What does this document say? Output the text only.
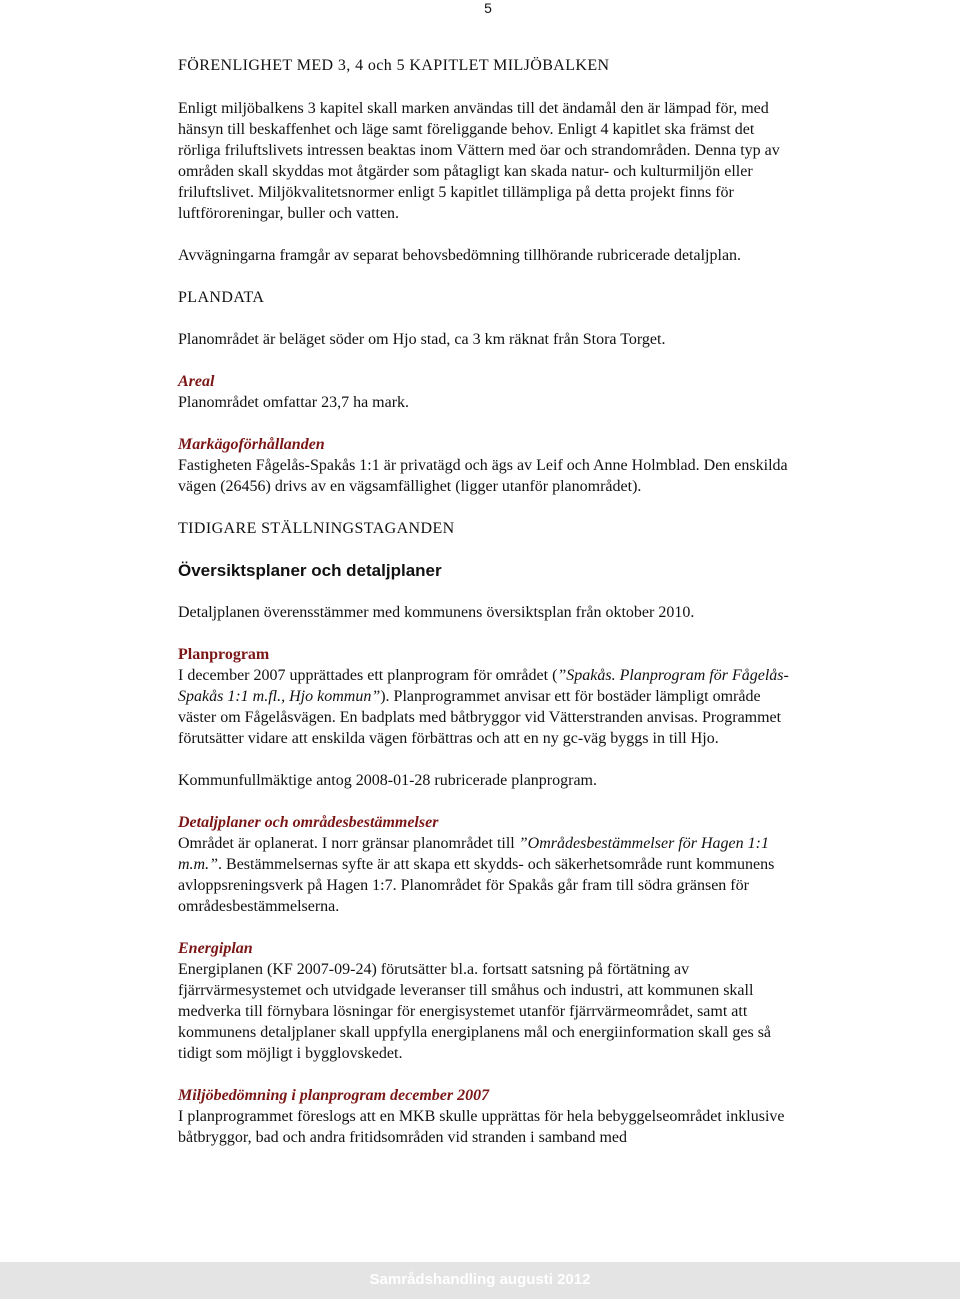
5

FÖRENLIGHET MED 3, 4 och 5 KAPITLET MILJÖBALKEN

Enligt miljöbalkens 3 kapitel skall marken användas till det ändamål den är lämpad för, med hänsyn till beskaffenhet och läge samt föreliggande behov. Enligt 4 kapitlet ska främst det rörliga friluftslivets intressen beaktas inom Vättern med öar och strandområden. Denna typ av områden skall skyddas mot åtgärder som påtagligt kan skada natur- och kulturmiljön eller friluftslivet. Miljökvalitetsnormer enligt 5 kapitlet tillämpliga på detta projekt finns för luftföroreningar, buller och vatten.

Avvägningarna framgår av separat behovsbedömning tillhörande rubricerade detaljplan.

PLANDATA

Planområdet är beläget söder om Hjo stad, ca 3 km räknat från Stora Torget.

Areal

Planområdet omfattar 23,7 ha mark.

Markägoförhållanden

Fastigheten Fågelås-Spakås 1:1 är privatägd och ägs av Leif och Anne Holmblad. Den enskilda vägen (26456) drivs av en vägsamfällighet (ligger utanför planområdet).

TIDIGARE STÄLLNINGSTAGANDEN

Översiktsplaner och detaljplaner

Detaljplanen överensstämmer med kommunens översiktsplan från oktober 2010.

Planprogram

I december 2007 upprättades ett planprogram för området (”Spakås. Planprogram för Fågelås-Spakås 1:1 m.fl., Hjo kommun”). Planprogrammet anvisar ett för bostäder lämpligt område väster om Fågelåsvägen. En badplats med båtbryggor vid Vätterstranden anvisas. Programmet förutsätter vidare att enskilda vägen förbättras och att en ny gc-väg byggs in till Hjo.

Kommunfullmäktige antog 2008-01-28 rubricerade planprogram.

Detaljplaner och områdesbestämmelser

Området är oplanerat. I norr gränsar planområdet till ”Områdesbestämmelser för Hagen 1:1 m.m.”. Bestämmelsernas syfte är att skapa ett skydds- och säkerhetsområde runt kommunens avloppsreningsverk på Hagen 1:7. Planområdet för Spakås går fram till södra gränsen för områdesbestämmelserna.

Energiplan

Energiplanen (KF 2007-09-24) förutsätter bl.a. fortsatt satsning på förtätning av fjärrvärmesystemet och utvidgade leveranser till småhus och industri, att kommunen skall medverka till förnybara lösningar för energisystemet utanför fjärrvärmeområdet, samt att kommunens detaljplaner skall uppfylla energiplanens mål och energiinformation skall ges så tidigt som möjligt i bygglovskedet.

Miljöbedömning i planprogram december 2007

I planprogrammet föreslogs att en MKB skulle upprättas för hela bebyggelseområdet inklusive båtbryggor, bad och andra fritidsområden vid stranden i samband med

Samrådshandling augusti 2012
